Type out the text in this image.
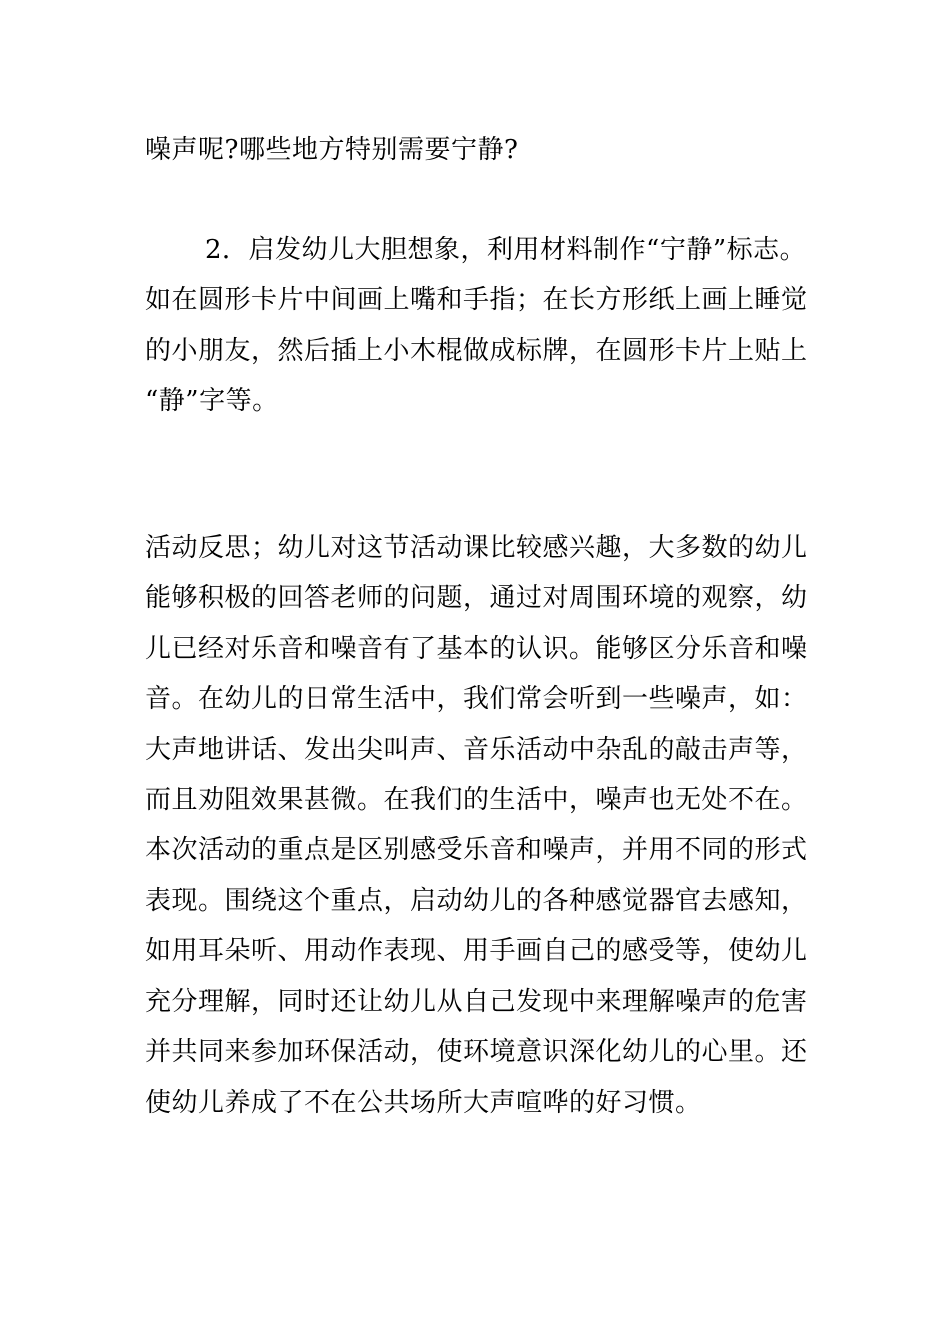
噪声呢?哪些地方特别需要宁静?
2．启发幼儿大胆想象，利用材料制作“宁静”标志。
如在圆形卡片中间画上嘴和手指；在长方形纸上画上睡觉
的小朋友，然后插上小木棍做成标牌，在圆形卡片上贴上
“静”字等。
活动反思；幼儿对这节活动课比较感兴趣，大多数的幼儿
能够积极的回答老师的问题，通过对周围环境的观察，幼
儿已经对乐音和噪音有了基本的认识。能够区分乐音和噪
音。在幼儿的日常生活中，我们常会听到一些噪声，如：
大声地讲话、发出尖叫声、音乐活动中杂乱的敲击声等，
而且劝阻效果甚微。在我们的生活中，噪声也无处不在。
本次活动的重点是区别感受乐音和噪声，并用不同的形式
表现。围绕这个重点，启动幼儿的各种感觉器官去感知，
如用耳朵听、用动作表现、用手画自己的感受等，使幼儿
充分理解，同时还让幼儿从自己发现中来理解噪声的危害
并共同来参加环保活动，使环境意识深化幼儿的心里。还
使幼儿养成了不在公共场所大声喧哗的好习惯。
